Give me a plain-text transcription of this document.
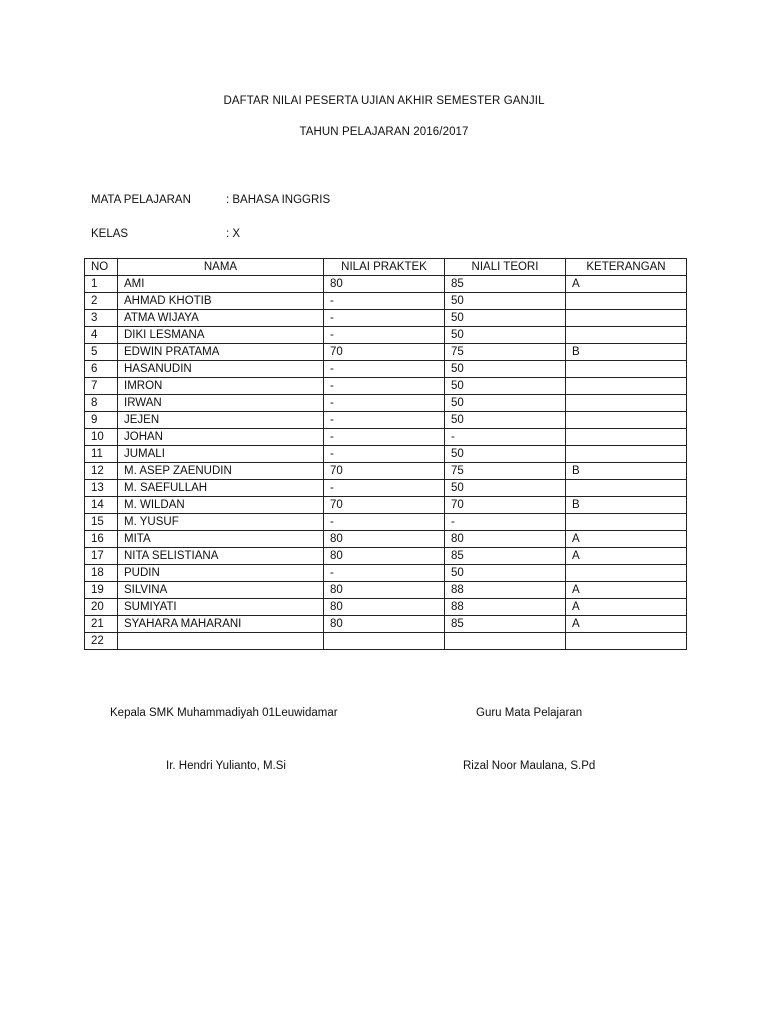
DAFTAR NILAI PESERTA UJIAN AKHIR SEMESTER GANJIL
TAHUN PELAJARAN 2016/2017
MATA PELAJARAN	: BAHASA INGGRIS
KELAS	: X
NO	NAMA	NILAI PRAKTEK	NIALI TEORI	KETERANGAN
1	AMI	80	85	A
2	AHMAD KHOTIB	-	50	
3	ATMA WIJAYA	-	50	
4	DIKI LESMANA	-	50	
5	EDWIN PRATAMA	70	75	B
6	HASANUDIN	-	50	
7	IMRON	-	50	
8	IRWAN	-	50	
9	JEJEN	-	50	
10	JOHAN	-	-	
11	JUMALI	-	50	
12	M. ASEP ZAENUDIN	70	75	B
13	M. SAEFULLAH	-	50	
14	M. WILDAN	70	70	B
15	M. YUSUF	-	-	
16	MITA	80	80	A
17	NITA SELISTIANA	80	85	A
18	PUDIN	-	50	
19	SILVINA	80	88	A
20	SUMIYATI	80	88	A
21	SYAHARA MAHARANI	80	85	A
22				
Kepala SMK Muhammadiyah 01Leuwidamar	Guru Mata Pelajaran
Ir. Hendri Yulianto, M.Si	Rizal Noor Maulana, S.Pd
